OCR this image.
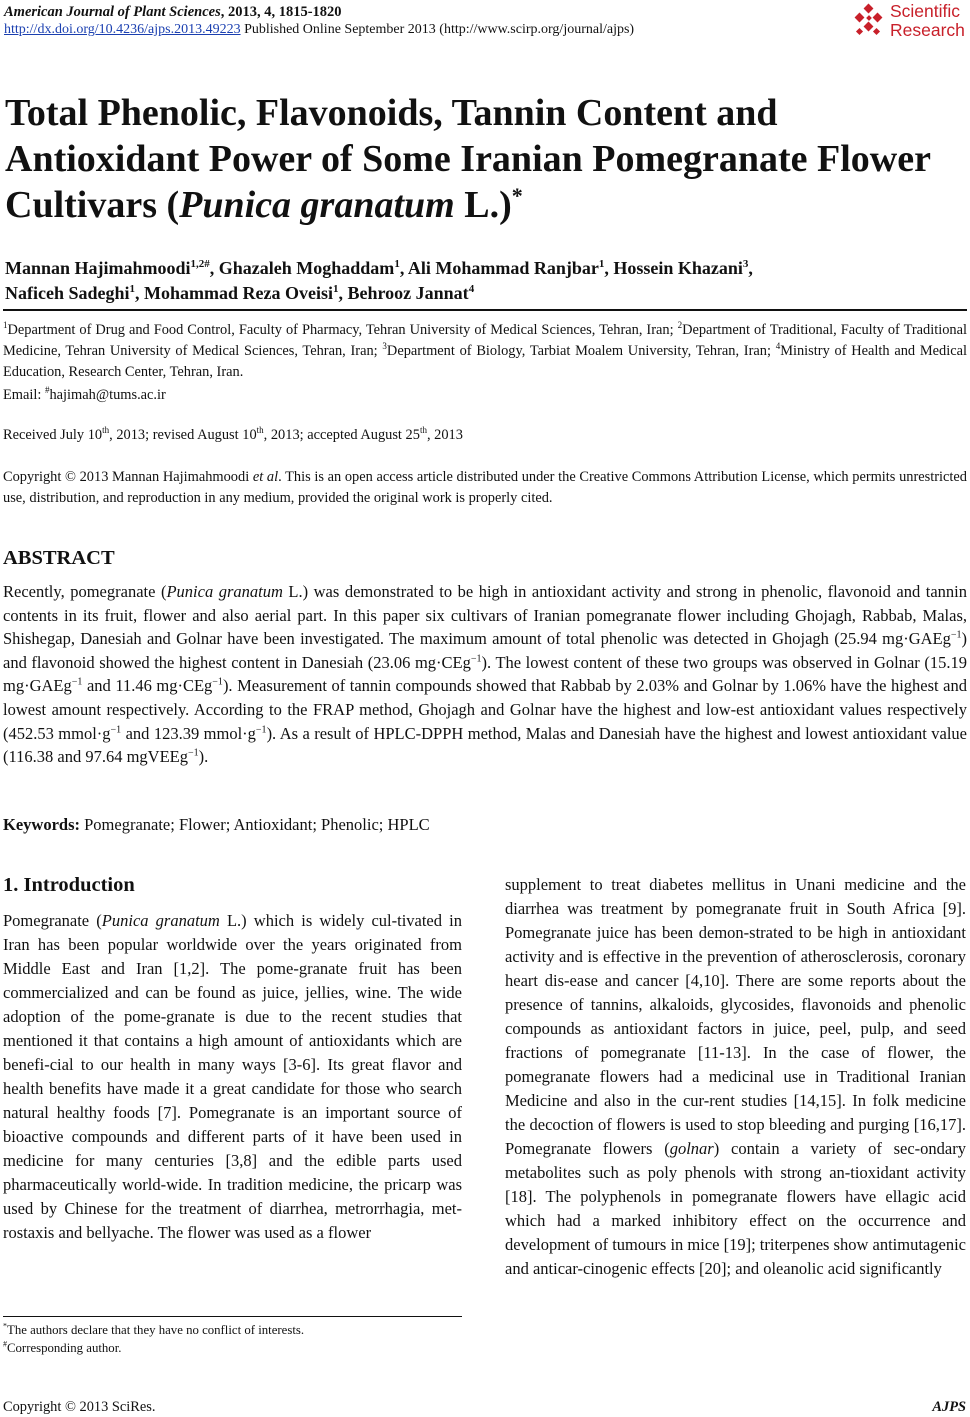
American Journal of Plant Sciences, 2013, 4, 1815-1820
http://dx.doi.org/10.4236/ajps.2013.49223 Published Online September 2013 (http://www.scirp.org/journal/ajps)
Scientific
Research
Total Phenolic, Flavonoids, Tannin Content and Antioxidant Power of Some Iranian Pomegranate Flower Cultivars (Punica granatum L.)*
Mannan Hajimahmoodi$^{1,2\#}$, Ghazaleh Moghaddam$^1$, Ali Mohammad Ranjbar$^1$, Hossein Khazani$^3$,
Naficeh Sadeghi$^1$, Mohammad Reza Oveisi$^1$, Behrooz Jannat$^4$
$^1$Department of Drug and Food Control, Faculty of Pharmacy, Tehran University of Medical Sciences, Tehran, Iran; $^2$Department of Traditional, Faculty of Traditional Medicine, Tehran University of Medical Sciences, Tehran, Iran; $^3$Department of Biology, Tarbiat Moalem University, Tehran, Iran; $^4$Ministry of Health and Medical Education, Research Center, Tehran, Iran.
Email: #hajimah@tums.ac.ir
Received July 10th, 2013; revised August 10th, 2013; accepted August 25th, 2013
Copyright © 2013 Mannan Hajimahmoodi et al. This is an open access article distributed under the Creative Commons Attribution License, which permits unrestricted use, distribution, and reproduction in any medium, provided the original work is properly cited.
ABSTRACT

Recently, pomegranate (Punica granatum L.) was demonstrated to be high in antioxidant activity and strong in phenolic, flavonoid and tannin contents in its fruit, flower and also aerial part. In this paper six cultivars of Iranian pomegranate flower including Ghojagh, Rabbab, Malas, Shishegap, Danesiah and Golnar have been investigated. The maximum amount of total phenolic was detected in Ghojagh (25.94 mg·GAEg$^{-1}$) and flavonoid showed the highest content in Danesiah (23.06 mg·CEg$^{-1}$). The lowest content of these two groups was observed in Golnar (15.19 mg·GAEg$^{-1}$ and 11.46 mg·CEg$^{-1}$). Measurement of tannin compounds showed that Rabbab by 2.03% and Golnar by 1.06% have the highest and lowest amount respectively. According to the FRAP method, Ghojagh and Golnar have the highest and low-est antioxidant values respectively (452.53 $mmol\cdot g^{-1}$ and 123.39 $mmol\cdot g^{-1}$). As a result of HPLC-DPPH method, Malas and Danesiah have the highest and lowest antioxidant value (116.38 and 97.64 mgVEEg$^{-1}$).

Keywords: Pomegranate; Flower; Antioxidant; Phenolic; HPLC
1. Introduction

Pomegranate (Punica granatum L.) which is widely cul-tivated in Iran has been popular worldwide over the years originated from Middle East and Iran [1,2]. The pome-granate fruit has been commercialized and can be found as juice, jellies, wine. The wide adoption of the pome-granate is due to the recent studies that mentioned it that contains a high amount of antioxidants which are benefi-cial to our health in many ways [3-6]. Its great flavor and health benefits have made it a great candidate for those who search natural healthy foods [7]. Pomegranate is an important source of bioactive compounds and different parts of it have been used in medicine for many centuries [3,8] and the edible parts used pharmaceutically world-wide. In tradition medicine, the pricarp was used by Chinese for the treatment of diarrhea, metrorrhagia, met-rostaxis and bellyache. The flower was used as a flower

supplement to treat diabetes mellitus in Unani medicine and the diarrhea was treatment by pomegranate fruit in South Africa [9]. Pomegranate juice has been demon-strated to be high in antioxidant activity and is effective in the prevention of atherosclerosis, coronary heart dis-ease and cancer [4,10]. There are some reports about the presence of tannins, alkaloids, glycosides, flavonoids and phenolic compounds as antioxidant factors in juice, peel, pulp, and seed fractions of pomegranate [11-13]. In the case of flower, the pomegranate flowers had a medicinal use in Traditional Iranian Medicine and also in the cur-rent studies [14,15]. In folk medicine the decoction of flowers is used to stop bleeding and purging [16,17]. Pomegranate flowers (golnar) contain a variety of sec-ondary metabolites such as poly phenols with strong an-tioxidant activity [18]. The polyphenols in pomegranate flowers have ellagic acid which had a marked inhibitory effect on the occurrence and development of tumours in mice [19]; triterpenes show antimutagenic and anticar-cinogenic effects [20]; and oleanolic acid significantly

*The authors declare that they have no conflict of interests.
#Corresponding author.
Copyright © 2013 SciRes.	AJPS
